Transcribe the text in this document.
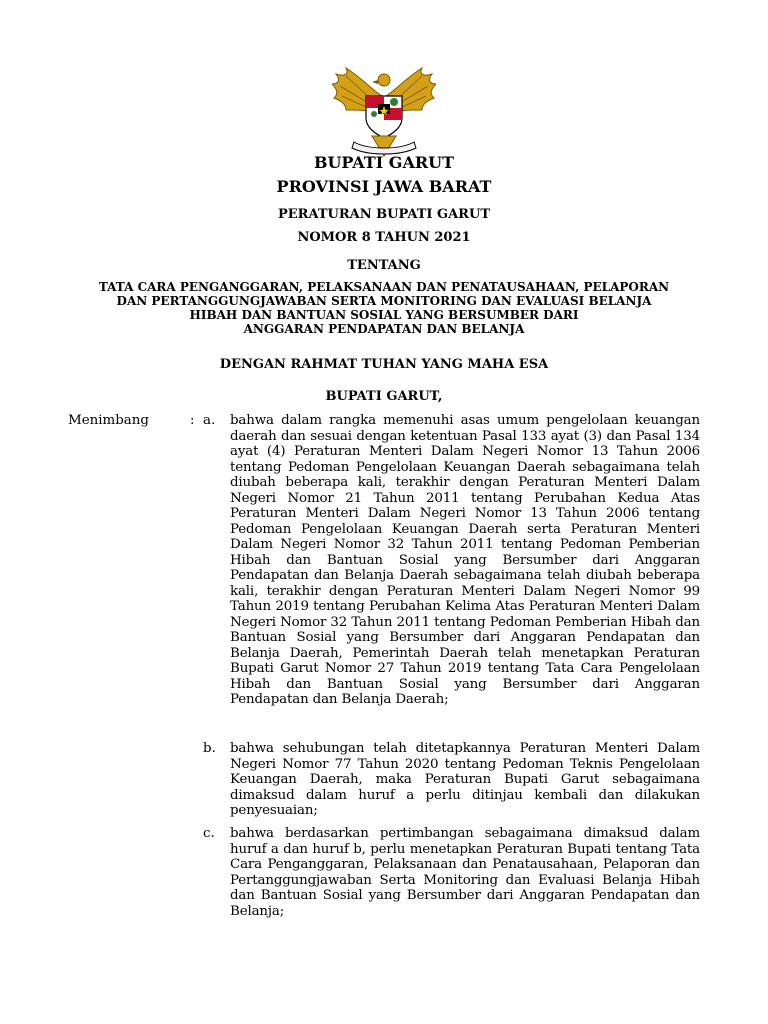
BUPATI GARUT
PROVINSI JAWA BARAT
PERATURAN BUPATI GARUT
NOMOR 8 TAHUN 2021
TENTANG
TATA CARA PENGANGGARAN, PELAKSANAAN DAN PENATAUSAHAAN, PELAPORAN
DAN PERTANGGUNGJAWABAN SERTA MONITORING DAN EVALUASI BELANJA
HIBAH DAN BANTUAN SOSIAL YANG BERSUMBER DARI
ANGGARAN PENDAPATAN DAN BELANJA
DENGAN RAHMAT TUHAN YANG MAHA ESA
BUPATI GARUT,
Menimbang	: a. bahwa dalam rangka memenuhi asas umum pengelolaan keuangan daerah dan sesuai dengan ketentuan Pasal 133 ayat (3) dan Pasal 134 ayat (4) Peraturan Menteri Dalam Negeri Nomor 13 Tahun 2006 tentang Pedoman Pengelolaan Keuangan Daerah sebagaimana telah diubah beberapa kali, terakhir dengan Peraturan Menteri Dalam Negeri Nomor 21 Tahun 2011 tentang Perubahan Kedua Atas Peraturan Menteri Dalam Negeri Nomor 13 Tahun 2006 tentang Pedoman Pengelolaan Keuangan Daerah serta Peraturan Menteri Dalam Negeri Nomor 32 Tahun 2011 tentang Pedoman Pemberian Hibah dan Bantuan Sosial yang Bersumber dari Anggaran Pendapatan dan Belanja Daerah sebagaimana telah diubah beberapa kali, terakhir dengan Peraturan Menteri Dalam Negeri Nomor 99 Tahun 2019 tentang Perubahan Kelima Atas Peraturan Menteri Dalam Negeri Nomor 32 Tahun 2011 tentang Pedoman Pemberian Hibah dan Bantuan Sosial yang Bersumber dari Anggaran Pendapatan dan Belanja Daerah, Pemerintah Daerah telah menetapkan Peraturan Bupati Garut Nomor 27 Tahun 2019 tentang Tata Cara Pengelolaan Hibah dan Bantuan Sosial yang Bersumber dari Anggaran Pendapatan dan Belanja Daerah;
b. bahwa sehubungan telah ditetapkannya Peraturan Menteri Dalam Negeri Nomor 77 Tahun 2020 tentang Pedoman Teknis Pengelolaan Keuangan Daerah, maka Peraturan Bupati Garut sebagaimana dimaksud dalam huruf a perlu ditinjau kembali dan dilakukan penyesuaian;
c. bahwa berdasarkan pertimbangan sebagaimana dimaksud dalam huruf a dan huruf b, perlu menetapkan Peraturan Bupati tentang Tata Cara Penganggaran, Pelaksanaan dan Penatausahaan, Pelaporan dan Pertanggungjawaban Serta Monitoring dan Evaluasi Belanja Hibah dan Bantuan Sosial yang Bersumber dari Anggaran Pendapatan dan Belanja;
